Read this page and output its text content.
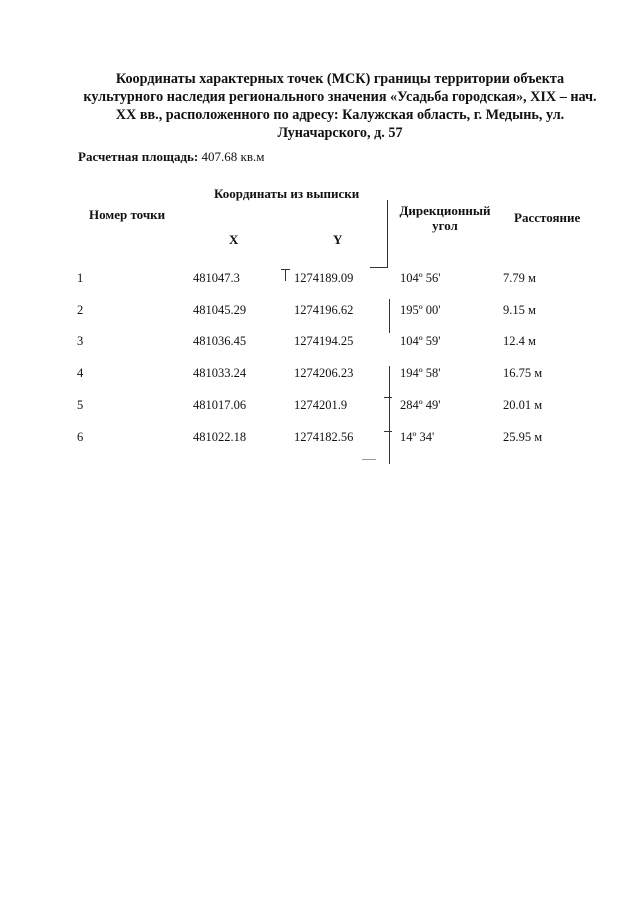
Координаты характерных точек (МСК) границы территории объекта
культурного наследия регионального значения «Усадьба городская», XIX – нач.
XX вв., расположенного по адресу: Калужская область, г. Медынь, ул.
Луначарского, д. 57
Расчетная площадь: 407.68 кв.м
Координаты из выписки
Номер точки
X	Y
Дирекционный
угол
Расстояние
1	481047.3	1274189.09	104º 56'	7.79 м
2	481045.29	1274196.62	195º 00'	9.15 м
3	481036.45	1274194.25	104º 59'	12.4 м
4	481033.24	1274206.23	194º 58'	16.75 м
5	481017.06	1274201.9	284º 49'	20.01 м
6	481022.18	1274182.56	14º 34'	25.95 м
